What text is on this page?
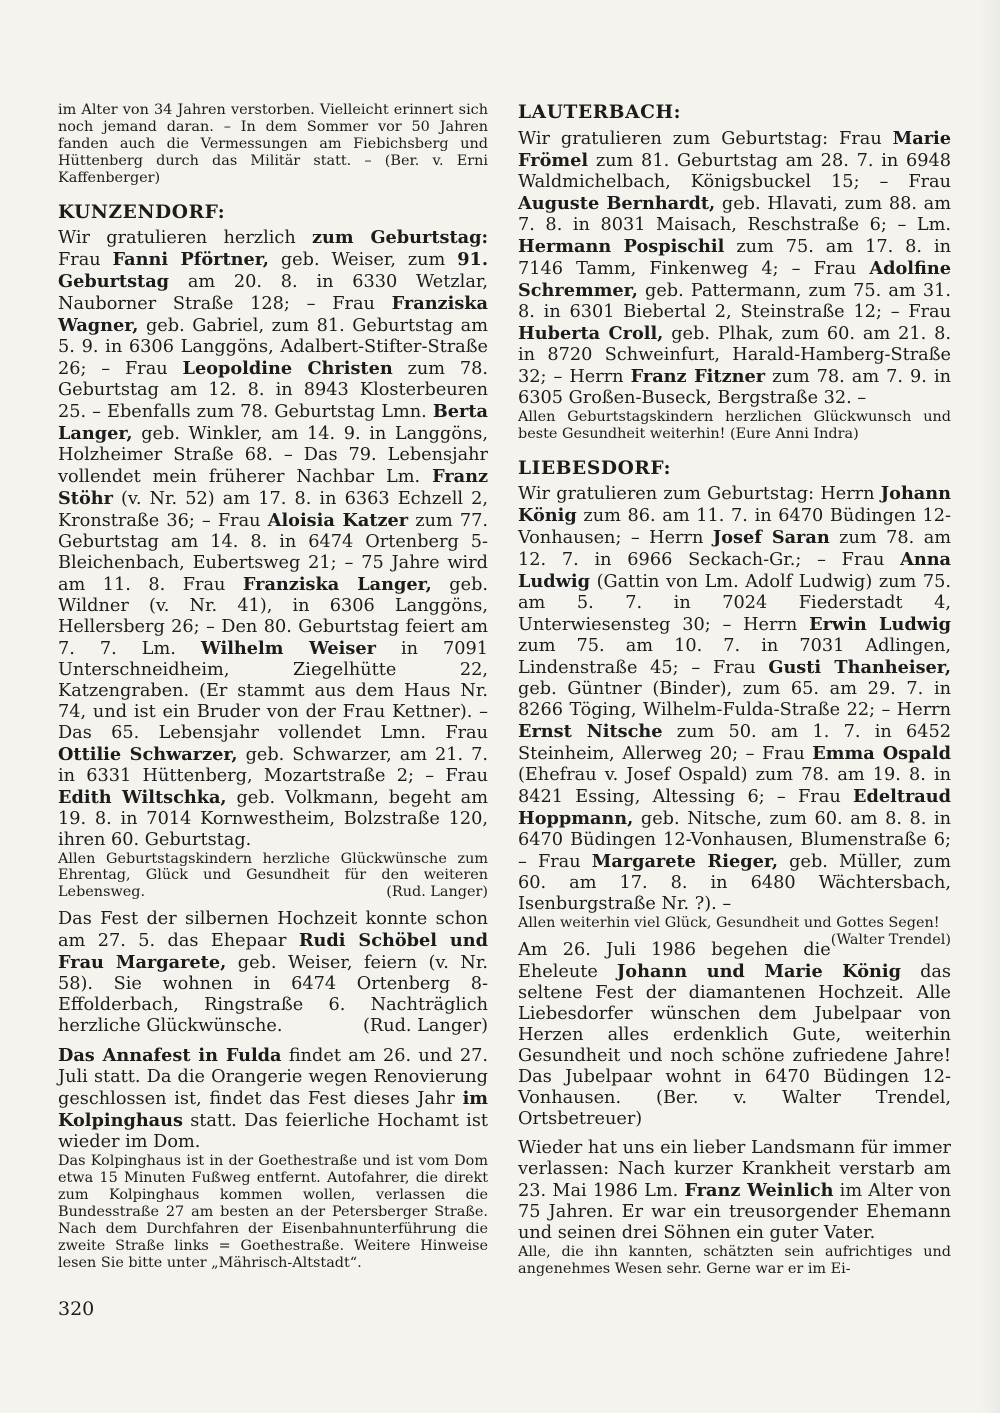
im Alter von 34 Jahren verstorben. Vielleicht erinnert sich noch jemand daran. – In dem Sommer vor 50 Jahren fanden auch die Vermessungen am Fiebichsberg und Hüttenberg durch das Militär statt. – (Ber. v. Erni Kaffenberger)

KUNZENDORF:

Wir gratulieren herzlich zum Geburtstag: Frau Fanni Pförtner, geb. Weiser, zum 91. Geburtstag am 20. 8. in 6330 Wetzlar, Nauborner Straße 128; – Frau Franziska Wagner, geb. Gabriel, zum 81. Geburtstag am 5. 9. in 6306 Langgöns, Adalbert-Stifter-Straße 26; – Frau Leopoldine Christen zum 78. Geburtstag am 12. 8. in 8943 Klosterbeuren 25. – Ebenfalls zum 78. Geburtstag Lmn. Berta Langer, geb. Winkler, am 14. 9. in Langgöns, Holzheimer Straße 68. – Das 79. Lebensjahr vollendet mein früherer Nachbar Lm. Franz Stöhr (v. Nr. 52) am 17. 8. in 6363 Echzell 2, Kronstraße 36; – Frau Aloisia Katzer zum 77. Geburtstag am 14. 8. in 6474 Ortenberg 5-Bleichenbach, Eubertsweg 21; – 75 Jahre wird am 11. 8. Frau Franziska Langer, geb. Wildner (v. Nr. 41), in 6306 Langgöns, Hellersberg 26; – Den 80. Geburtstag feiert am 7. 7. Lm. Wilhelm Weiser in 7091 Unterschneidheim, Ziegelhütte 22, Katzengraben. (Er stammt aus dem Haus Nr. 74, und ist ein Bruder von der Frau Kettner). – Das 65. Lebensjahr vollendet Lmn. Frau Ottilie Schwarzer, geb. Schwarzer, am 21. 7. in 6331 Hüttenberg, Mozartstraße 2; – Frau Edith Wiltschka, geb. Volkmann, begeht am 19. 8. in 7014 Kornwestheim, Bolzstraße 120, ihren 60. Geburtstag.

Allen Geburtstagskindern herzliche Glückwünsche zum Ehrentag, Glück und Gesundheit für den weiteren Lebensweg.	(Rud. Langer)

Das Fest der silbernen Hochzeit konnte schon am 27. 5. das Ehepaar Rudi Schöbel und Frau Margarete, geb. Weiser, feiern (v. Nr. 58). Sie wohnen in 6474 Ortenberg 8-Effolderbach, Ringstraße 6. Nachträglich herzliche Glückwünsche.	(Rud. Langer)

Das Annafest in Fulda findet am 26. und 27. Juli statt. Da die Orangerie wegen Renovierung geschlossen ist, findet das Fest dieses Jahr im Kolpinghaus statt. Das feierliche Hochamt ist wieder im Dom.

Das Kolpinghaus ist in der Goethestraße und ist vom Dom etwa 15 Minuten Fußweg entfernt. Autofahrer, die direkt zum Kolpinghaus kommen wollen, verlassen die Bundesstraße 27 am besten an der Petersberger Straße. Nach dem Durchfahren der Eisenbahnunterführung die zweite Straße links = Goethestraße. Weitere Hinweise lesen Sie bitte unter „Mährisch-Altstadt“.

LAUTERBACH:

Wir gratulieren zum Geburtstag: Frau Marie Frömel zum 81. Geburtstag am 28. 7. in 6948 Waldmichelbach, Königsbuckel 15; – Frau Auguste Bernhardt, geb. Hlavati, zum 88. am 7. 8. in 8031 Maisach, Reschstraße 6; – Lm. Hermann Pospischil zum 75. am 17. 8. in 7146 Tamm, Finkenweg 4; – Frau Adolfine Schremmer, geb. Pattermann, zum 75. am 31. 8. in 6301 Biebertal 2, Steinstraße 12; – Frau Huberta Croll, geb. Plhak, zum 60. am 21. 8. in 8720 Schweinfurt, Harald-Hamberg-Straße 32; – Herrn Franz Fitzner zum 78. am 7. 9. in 6305 Großen-Buseck, Bergstraße 32. –

Allen Geburtstagskindern herzlichen Glückwunsch und beste Gesundheit weiterhin! (Eure Anni Indra)

LIEBESDORF:

Wir gratulieren zum Geburtstag: Herrn Johann König zum 86. am 11. 7. in 6470 Büdingen 12-Vonhausen; – Herrn Josef Saran zum 78. am 12. 7. in 6966 Seckach-Gr.; – Frau Anna Ludwig (Gattin von Lm. Adolf Ludwig) zum 75. am 5. 7. in 7024 Fiederstadt 4, Unterwiesensteg 30; – Herrn Erwin Ludwig zum 75. am 10. 7. in 7031 Adlingen, Lindenstraße 45; – Frau Gusti Thanheiser, geb. Güntner (Binder), zum 65. am 29. 7. in 8266 Töging, Wilhelm-Fulda-Straße 22; – Herrn Ernst Nitsche zum 50. am 1. 7. in 6452 Steinheim, Allerweg 20; – Frau Emma Ospald (Ehefrau v. Josef Ospald) zum 78. am 19. 8. in 8421 Essing, Altessing 6; – Frau Edeltraud Hoppmann, geb. Nitsche, zum 60. am 8. 8. in 6470 Büdingen 12-Vonhausen, Blumenstraße 6; – Frau Margarete Rieger, geb. Müller, zum 60. am 17. 8. in 6480 Wächtersbach, Isenburgstraße Nr. ?). –

Allen weiterhin viel Glück, Gesundheit und Gottes Segen!
(Walter Trendel)

Am 26. Juli 1986 begehen die Eheleute Johann und Marie König das seltene Fest der diamantenen Hochzeit. Alle Liebesdorfer wünschen dem Jubelpaar von Herzen alles erdenklich Gute, weiterhin Gesundheit und noch schöne zufriedene Jahre! Das Jubelpaar wohnt in 6470 Büdingen 12-Vonhausen. (Ber. v. Walter Trendel, Ortsbetreuer)

Wieder hat uns ein lieber Landsmann für immer verlassen: Nach kurzer Krankheit verstarb am 23. Mai 1986 Lm. Franz Weinlich im Alter von 75 Jahren. Er war ein treusorgender Ehemann und seinen drei Söhnen ein guter Vater.

Alle, die ihn kannten, schätzten sein aufrichtiges und angenehmes Wesen sehr. Gerne war er im Ei-

320
